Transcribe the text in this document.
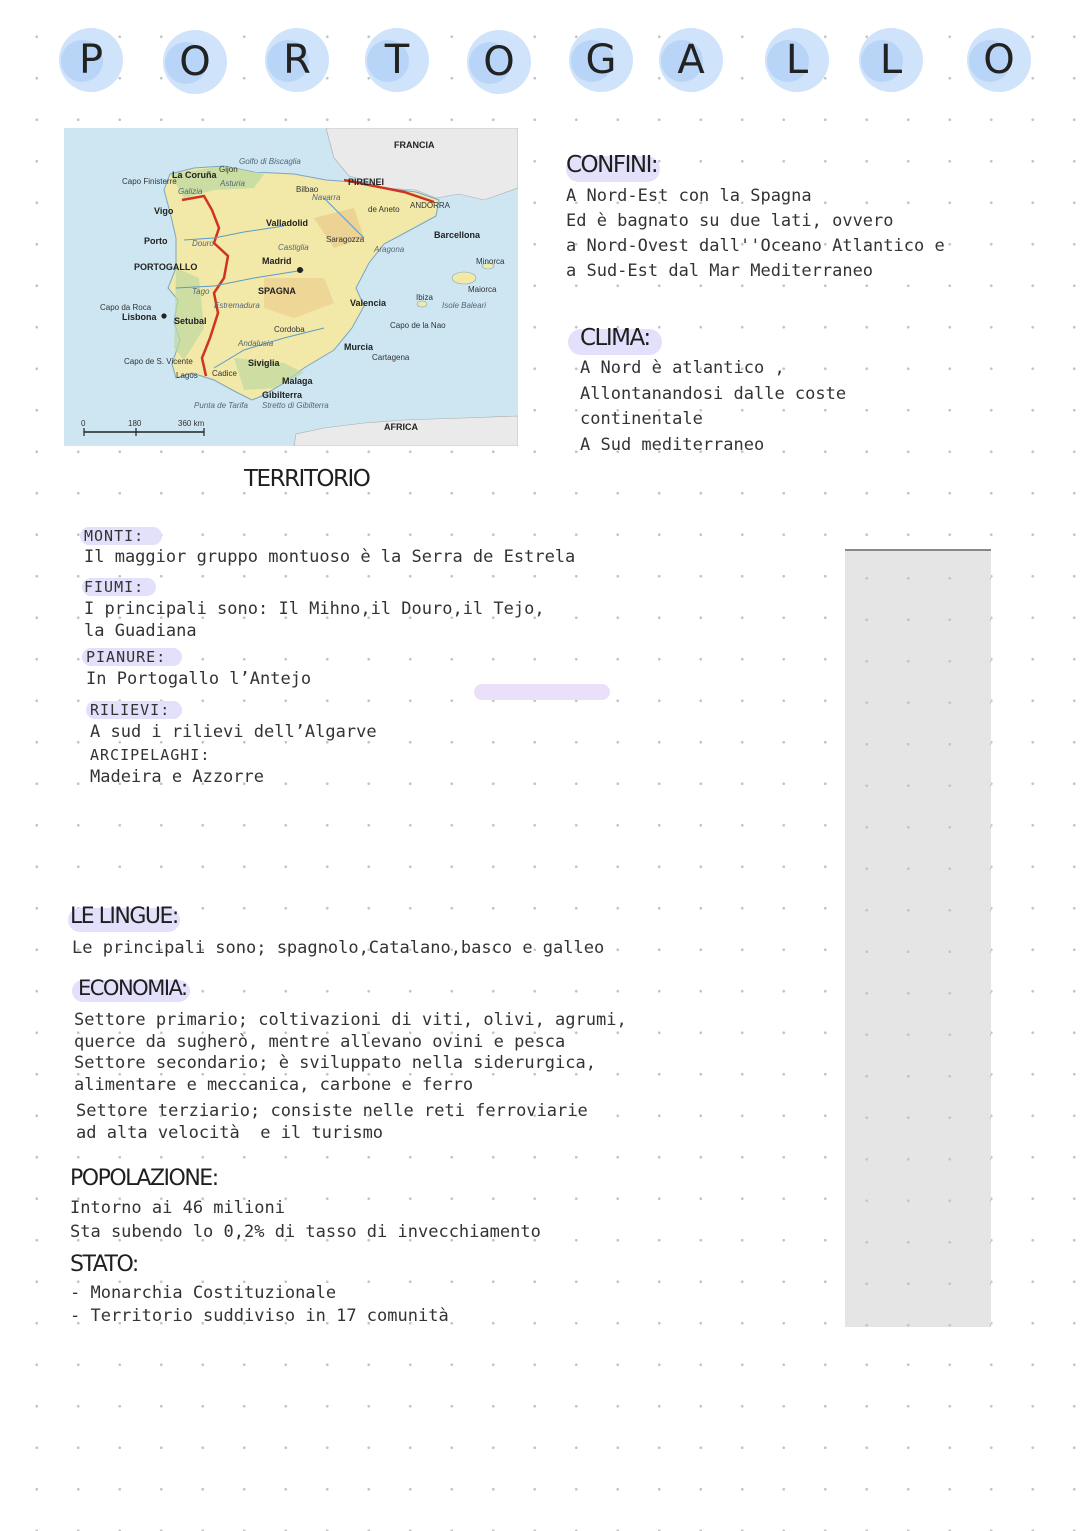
P O R T O G A L L O
FRANCIA
Golfo di Biscaglia
PIRENEI
ANDORRA
Capo Finisterre
La Coruña
Gijon
Asturia
Galizia	Bilbao
Navarra
de Aneto
Vigo
Valladolid
Saragozza	Barcellona
Porto	Douro	Castiglia	Aragona
Madrid
PORTOGALLO
Minorca
Tago	SPAGNA
Estremadura
Maiorca
Capo da Roca
Lisbona
Valencia
Ibiza
Isole Baleari
Setubal
Cordoba	Capo de la Nao
Andalusia	Murcia
Capo de S. Vicente	Siviglia
Cartagena
Lagos Cadice
Malaga
Gibilterra
Punta de Tarifa Stretto di Gibilterra
AFRICA
0	180	360 km
CONFINI:
A Nord-Est con la Spagna
Ed è bagnato su due lati, ovvero
a Nord-Ovest dall''Oceano Atlantico e
a Sud-Est dal Mar Mediterraneo
CLIMA:
A Nord è atlantico ,
Allontanandosi dalle coste
continentale
A Sud mediterraneo
TERRITORIO
MONTI:
Il maggior gruppo montuoso è la Serra de Estrela
FIUMI:
I principali sono: Il Mihno,il Douro,il Tejo,
la Guadiana
PIANURE:
In Portogallo l’Antejo
RILIEVI:
A sud i rilievi dell’Algarve
ARCIPELAGHI:
Madeira e Azzorre
LE LINGUE:
Le principali sono; spagnolo,Catalano,basco e galleo
ECONOMIA:
Settore primario; coltivazioni di viti, olivi, agrumi,
querce da sugherò, mentre allevano ovini e pesca
Settore secondario; è sviluppato nella siderurgica,
alimentare e meccanica, carbone e ferro
Settore terziario; consiste nelle reti ferroviarie
ad alta velocità  e il turismo
POPOLAZIONE:
Intorno ai 46 milioni
Sta subendo lo 0,2% di tasso di invecchiamento
STATO:
- Monarchia Costituzionale
- Territorio suddiviso in 17 comunità
